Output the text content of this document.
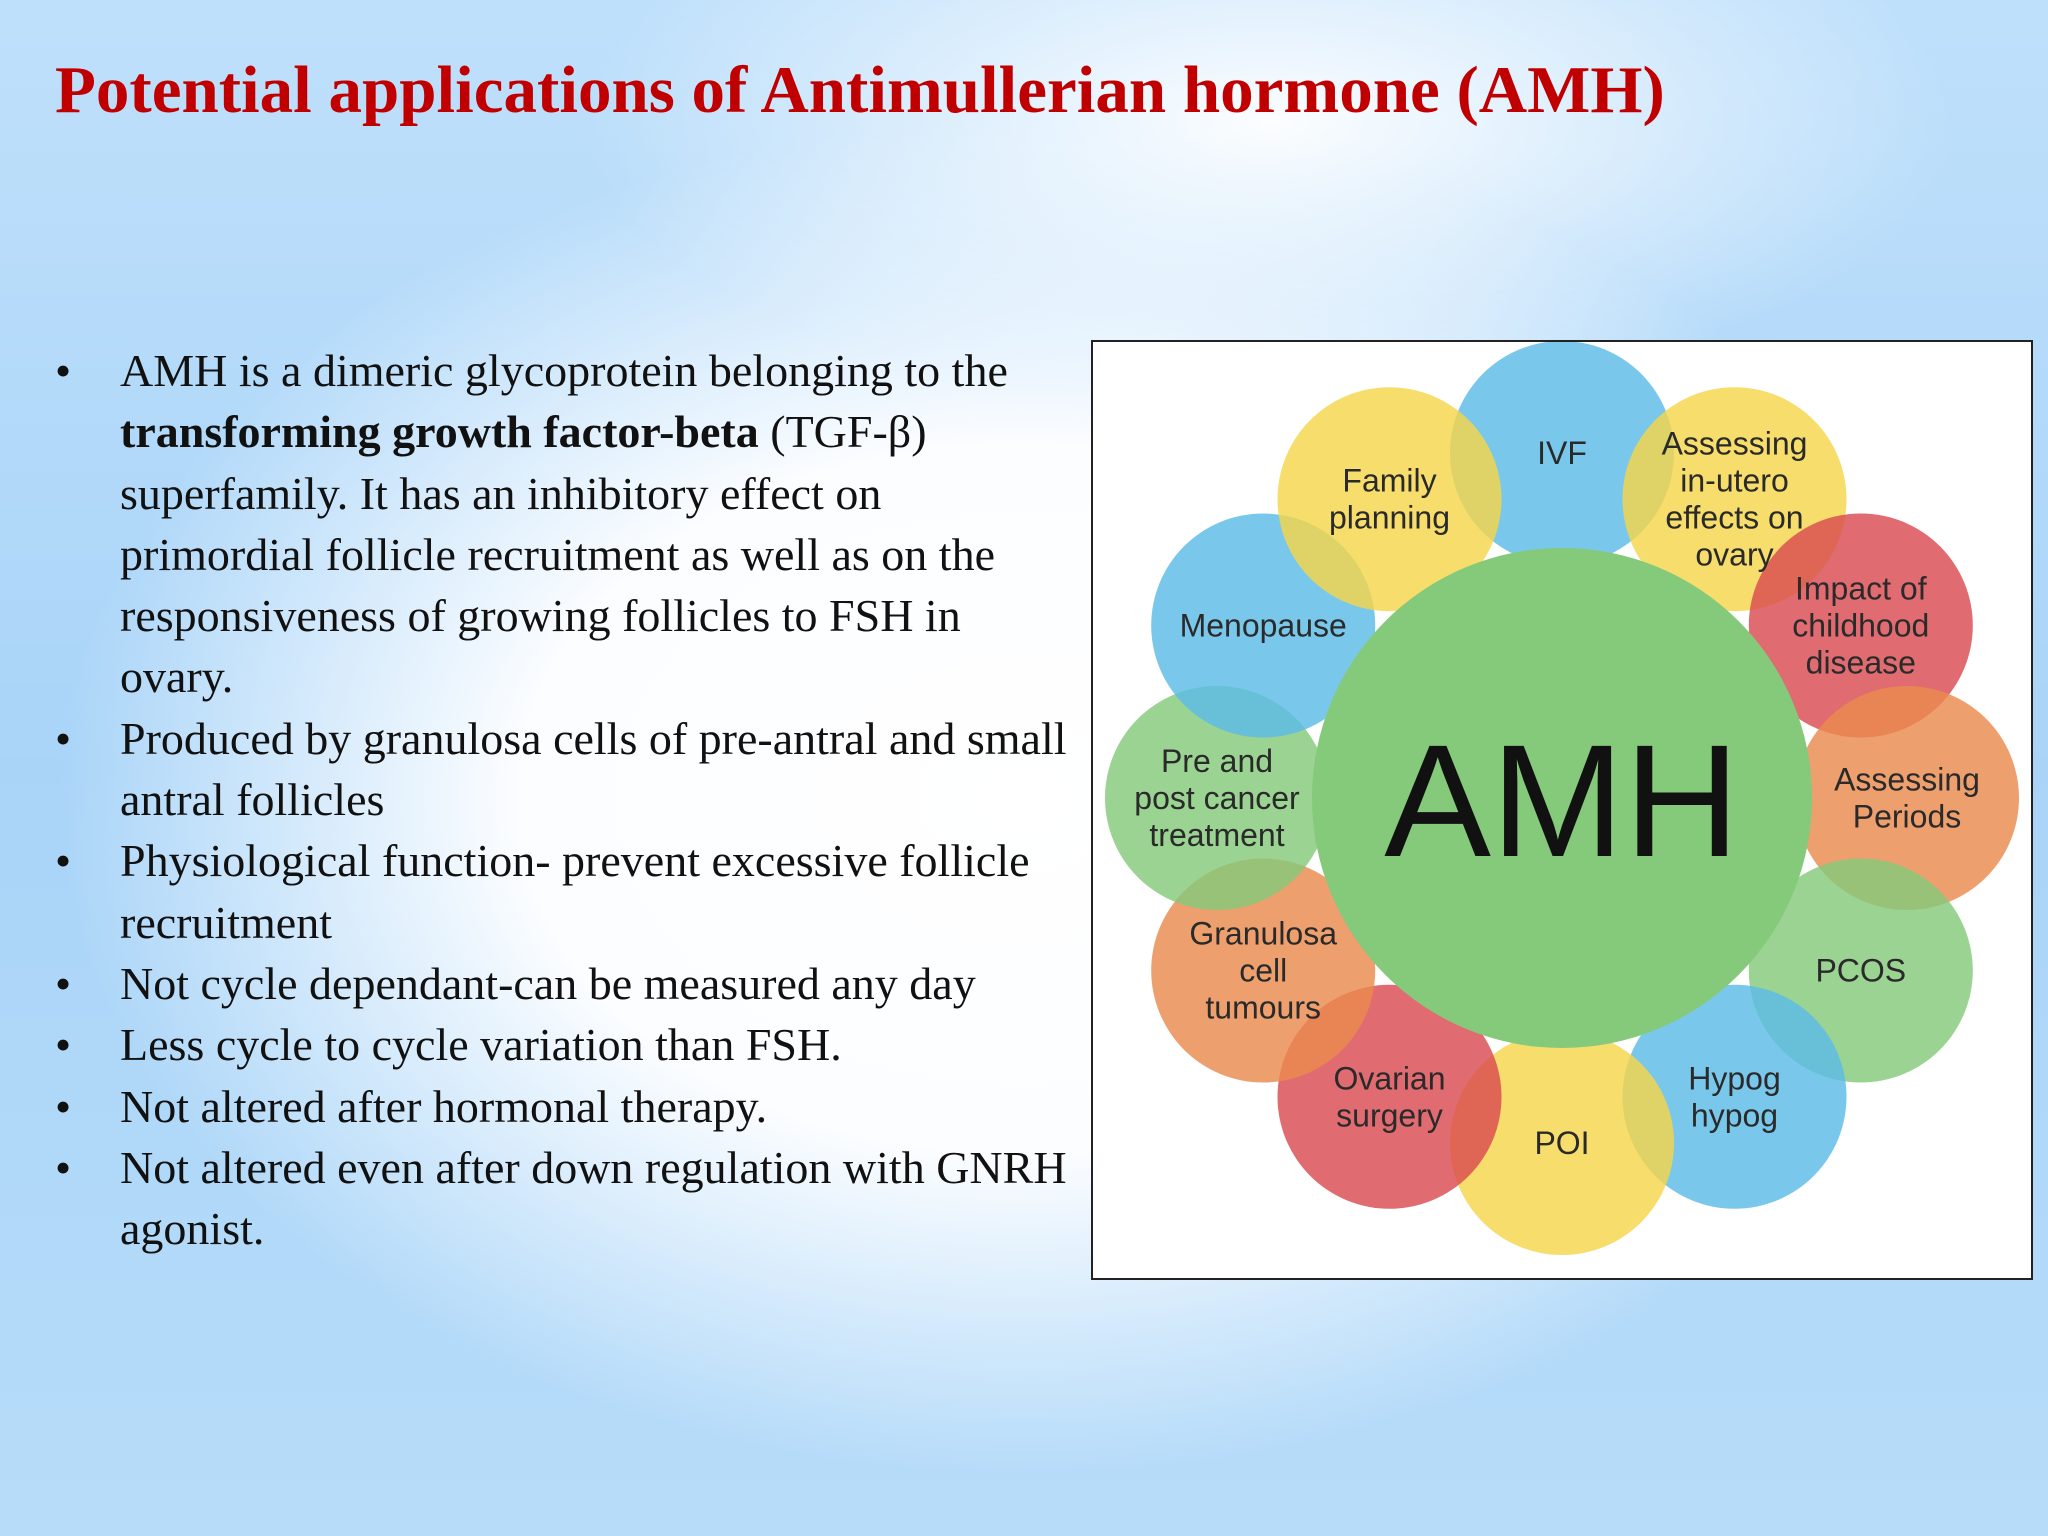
Potential applications of Antimullerian hormone (AMH)
• AMH is a dimeric glycoprotein belonging to the transforming growth factor-beta (TGF-β) superfamily. It has an inhibitory effect on primordial follicle recruitment as well as on the responsiveness of growing follicles to FSH in ovary.
• Produced by granulosa cells of pre-antral and small antral follicles
• Physiological function- prevent excessive follicle recruitment
• Not cycle dependant-can be measured any day
• Less cycle to cycle variation than FSH.
• Not altered after hormonal therapy.
• Not altered even after down regulation with GNRH agonist.
IVF Assessing in-utero effects on ovary
Impact of childhood disease
Assessing Periods
PCOS
Hypog hypog
POI
Ovarian surgery
Granulosa cell tumours
Pre and post cancer treatment
Menopause
Family planning
AMH
